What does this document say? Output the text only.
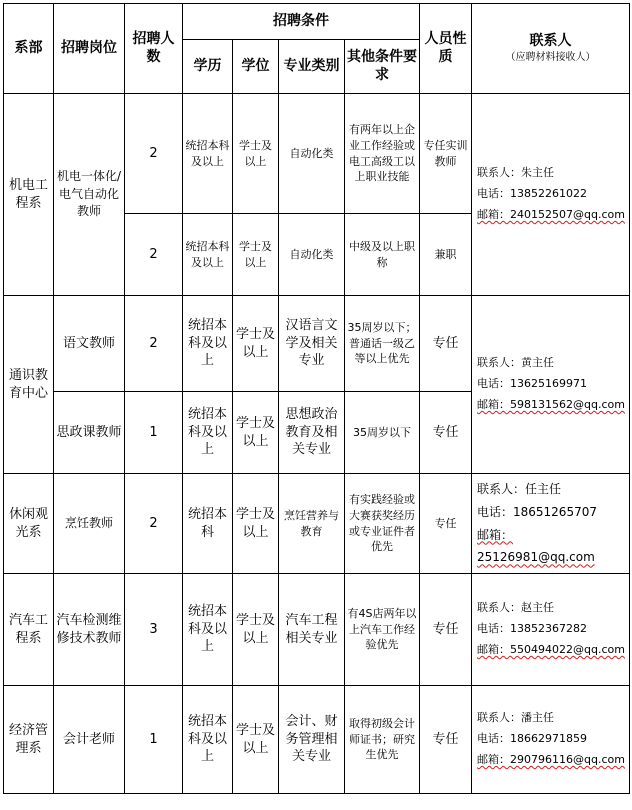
系部	招聘岗位	招聘人数	招聘条件				人员性质	联系人
（应聘材料接收人）

			学历	学位	专业类别	其他条件要求		
机电工程系	机电一体化/电气自动化教师	2	统招本科及以上	学士及以上	自动化类	有两年以上企业工作经验或电工高级工以上职业技能	专任实训教师	联系人：朱主任
电话：13852261022
邮箱：240152507@qq.com

		2	统招本科及以上	学士及以上	自动化类	中级及以上职称	兼职	
通识教育中心	语文教师	2	统招本科及以上	学士及以上	汉语言文学及相关专业	35周岁以下；普通话一级乙等以上优先	专任	联系人：黄主任
电话：13625169971
邮箱：598131562@qq.com

	思政课教师	1	统招本科及以上	学士及以上	思想政治教育及相关专业	35周岁以下	专任	
休闲观光系	烹饪教师	2	统招本科	学士及以上	烹饪营养与教育	有实践经验或大赛获奖经历或专业证件者优先	专任	联系人：任主任
电话：18651265707
邮箱：25126981@qq.com

汽车工程系	汽车检测维修技术教师	3	统招本科及以上	学士及以上	汽车工程相关专业	有4S店两年以上汽车工作经验优先	专任	联系人：赵主任
电话：13852367282
邮箱：550494022@qq.com

经济管理系	会计老师	1	统招本科及以上	学士及以上	会计、财务管理相关专业	取得初级会计师证书；研究生优先	专任	联系人：潘主任
电话：18662971859
邮箱：290796116@qq.com
